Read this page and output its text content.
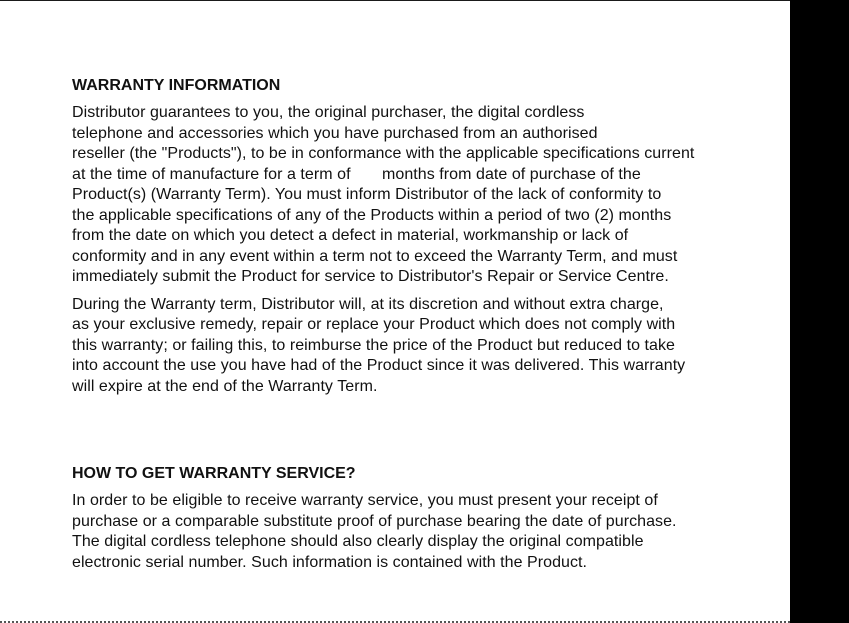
WARRANTY INFORMATION

Distributor guarantees to you, the original purchaser, the digital cordless
telephone and accessories which you have purchased from an authorised
reseller (the "Products"), to be in conformance with the applicable specifications current
at the time of manufacture for a term of       months from date of purchase of the
Product(s) (Warranty Term). You must inform Distributor of the lack of conformity to
the applicable specifications of any of the Products within a period of two (2) months
from the date on which you detect a defect in material, workmanship or lack of
conformity and in any event within a term not to exceed the Warranty Term, and must
immediately submit the Product for service to Distributor's Repair or Service Centre.

During the Warranty term, Distributor will, at its discretion and without extra charge,
as your exclusive remedy, repair or replace your Product which does not comply with
this warranty; or failing this, to reimburse the price of the Product but reduced to take
into account the use you have had of the Product since it was delivered. This warranty
will expire at the end of the Warranty Term.

HOW TO GET WARRANTY SERVICE?

In order to be eligible to receive warranty service, you must present your receipt of
purchase or a comparable substitute proof of purchase bearing the date of purchase.
The digital cordless telephone should also clearly display the original compatible
electronic serial number. Such information is contained with the Product.
